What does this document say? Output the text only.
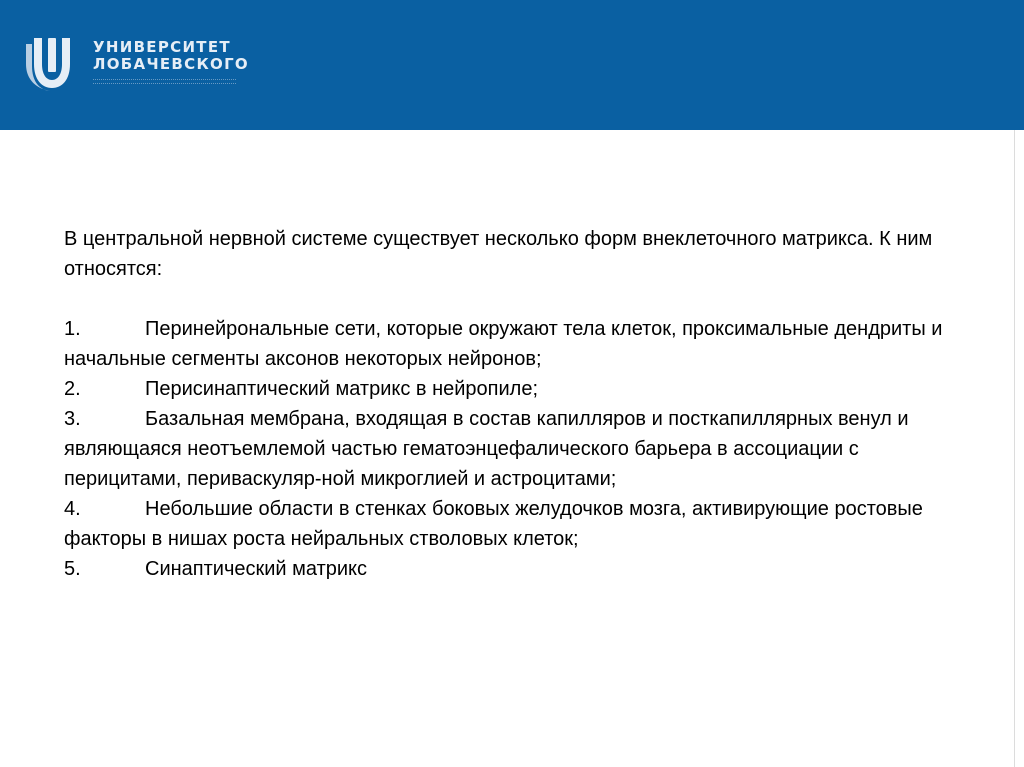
УНИВЕРСИТЕТ
ЛОБАЧЕВСКОГО

В центральной нервной системе существует несколько форм внеклеточного матрикса. К ним относятся:

1.	Перинейрональные сети, которые окружают тела клеток, проксимальные дендриты и начальные сегменты аксонов некоторых нейронов;

2.	Перисинаптический матрикс в нейропиле;

3.	Базальная мембрана, входящая в состав капилляров и посткапиллярных венул и являющаяся неотъемлемой частью гематоэнцефалического барьера в ассоциации с перицитами, периваскуляр-ной микроглией и астроцитами;

4.	Небольшие области в стенках боковых желудочков мозга, активирующие ростовые факторы в нишах роста нейральных стволовых клеток;

5.	Синаптический матрикс
